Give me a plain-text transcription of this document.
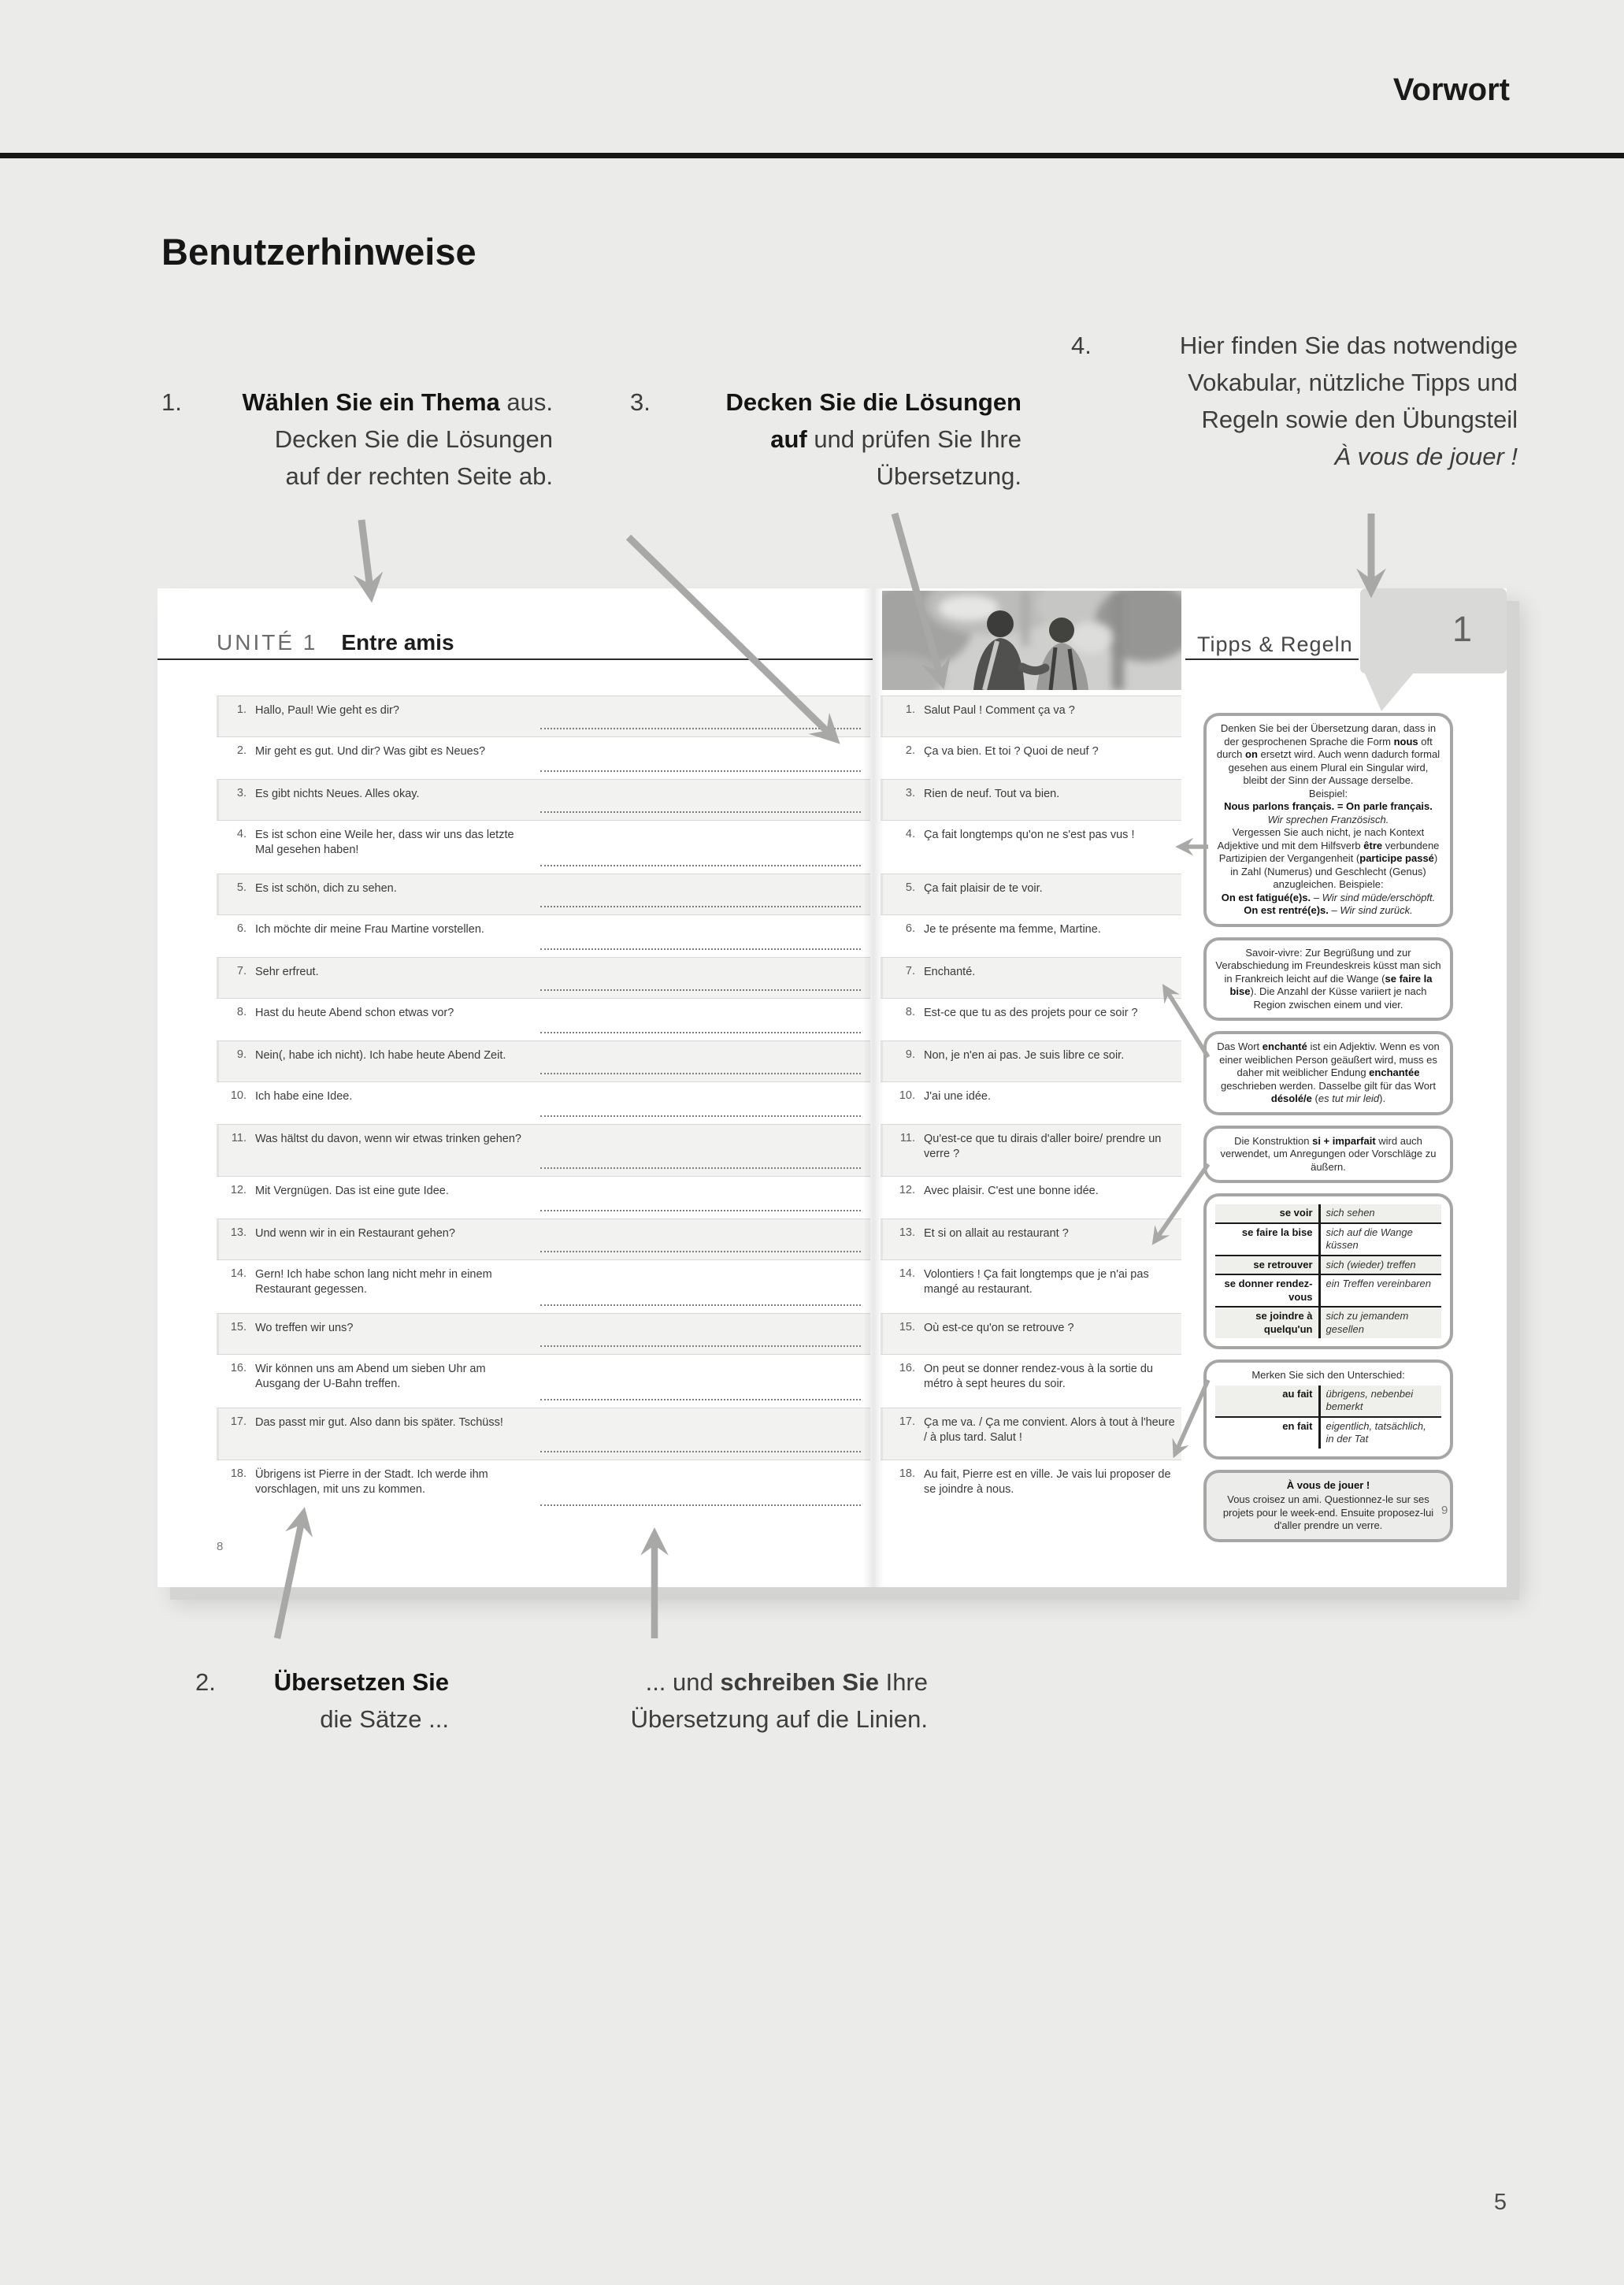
Vorwort
Benutzerhinweise
1.	Wählen Sie ein Thema aus.
Decken Sie die Lösungen
auf der rechten Seite ab.
3.	Decken Sie die Lösungen
auf und prüfen Sie Ihre
Übersetzung.
4.	Hier finden Sie das notwendige
Vokabular, nützliche Tipps und
Regeln sowie den Übungsteil
À vous de jouer !
2.	Übersetzen Sie
die Sätze ...
... und schreiben Sie Ihre
Übersetzung auf die Linien.
UNITÉ 1 Entre amis
1. Hallo, Paul! Wie geht es dir?
2. Mir geht es gut. Und dir? Was gibt es Neues?
3. Es gibt nichts Neues. Alles okay.
4. Es ist schon eine Weile her, dass wir uns das letzte Mal gesehen haben!
5. Es ist schön, dich zu sehen.
6. Ich möchte dir meine Frau Martine vorstellen.
7. Sehr erfreut.
8. Hast du heute Abend schon etwas vor?
9. Nein(, habe ich nicht). Ich habe heute Abend Zeit.
10. Ich habe eine Idee.
11. Was hältst du davon, wenn wir etwas trinken gehen?
12. Mit Vergnügen. Das ist eine gute Idee.
13. Und wenn wir in ein Restaurant gehen?
14. Gern! Ich habe schon lang nicht mehr in einem Restaurant gegessen.
15. Wo treffen wir uns?
16. Wir können uns am Abend um sieben Uhr am Ausgang der U-Bahn treffen.
17. Das passt mir gut. Also dann bis später. Tschüss!
18. Übrigens ist Pierre in der Stadt. Ich werde ihm vorschlagen, mit uns zu kommen.
8
Tipps & Regeln	1
1. Salut Paul ! Comment ça va ?
2. Ça va bien. Et toi ? Quoi de neuf ?
3. Rien de neuf. Tout va bien.
4. Ça fait longtemps qu'on ne s'est pas vus !
5. Ça fait plaisir de te voir.
6. Je te présente ma femme, Martine.
7. Enchanté.
8. Est-ce que tu as des projets pour ce soir ?
9. Non, je n'en ai pas. Je suis libre ce soir.
10. J'ai une idée.
11. Qu'est-ce que tu dirais d'aller boire/ prendre un verre ?
12. Avec plaisir. C'est une bonne idée.
13. Et si on allait au restaurant ?
14. Volontiers ! Ça fait longtemps que je n'ai pas mangé au restaurant.
15. Où est-ce qu'on se retrouve ?
16. On peut se donner rendez-vous à la sortie du métro à sept heures du soir.
17. Ça me va. / Ça me convient. Alors à tout à l'heure / à plus tard. Salut !
18. Au fait, Pierre est en ville. Je vais lui proposer de se joindre à nous.
Denken Sie bei der Übersetzung daran, dass in der gesprochenen Sprache die Form nous oft durch on ersetzt wird. Auch wenn dadurch formal gesehen aus einem Plural ein Singular wird, bleibt der Sinn der Aussage derselbe.
Beispiel:
Nous parlons français. = On parle français.
Wir sprechen Französisch.
Vergessen Sie auch nicht, je nach Kontext Adjektive und mit dem Hilfsverb être verbundene Partizipien der Vergangenheit (participe passé) in Zahl (Numerus) und Geschlecht (Genus) anzugleichen. Beispiele:
On est fatigué(e)s. – Wir sind müde/erschöpft.
On est rentré(e)s. – Wir sind zurück.
Savoir-vivre: Zur Begrüßung und zur Verabschiedung im Freundeskreis küsst man sich in Frankreich leicht auf die Wange (se faire la bise). Die Anzahl der Küsse variiert je nach Region zwischen einem und vier.
Das Wort enchanté ist ein Adjektiv. Wenn es von einer weiblichen Person geäußert wird, muss es daher mit weiblicher Endung enchantée geschrieben werden. Dasselbe gilt für das Wort désolé/e (es tut mir leid).
Die Konstruktion si + imparfait wird auch verwendet, um Anregungen oder Vorschläge zu äußern.
se voir	sich sehen
se faire la bise	sich auf die Wange küssen
se retrouver	sich (wieder) treffen
se donner rendez-vous	ein Treffen vereinbaren
se joindre à quelqu'un	sich zu jemandem gesellen
Merken Sie sich den Unterschied:
au fait	übrigens, nebenbei bemerkt
en fait	eigentlich, tatsächlich, in der Tat
À vous de jouer !
Vous croisez un ami. Questionnez-le sur ses projets pour le week-end. Ensuite proposez-lui d'aller prendre un verre.
9
5
